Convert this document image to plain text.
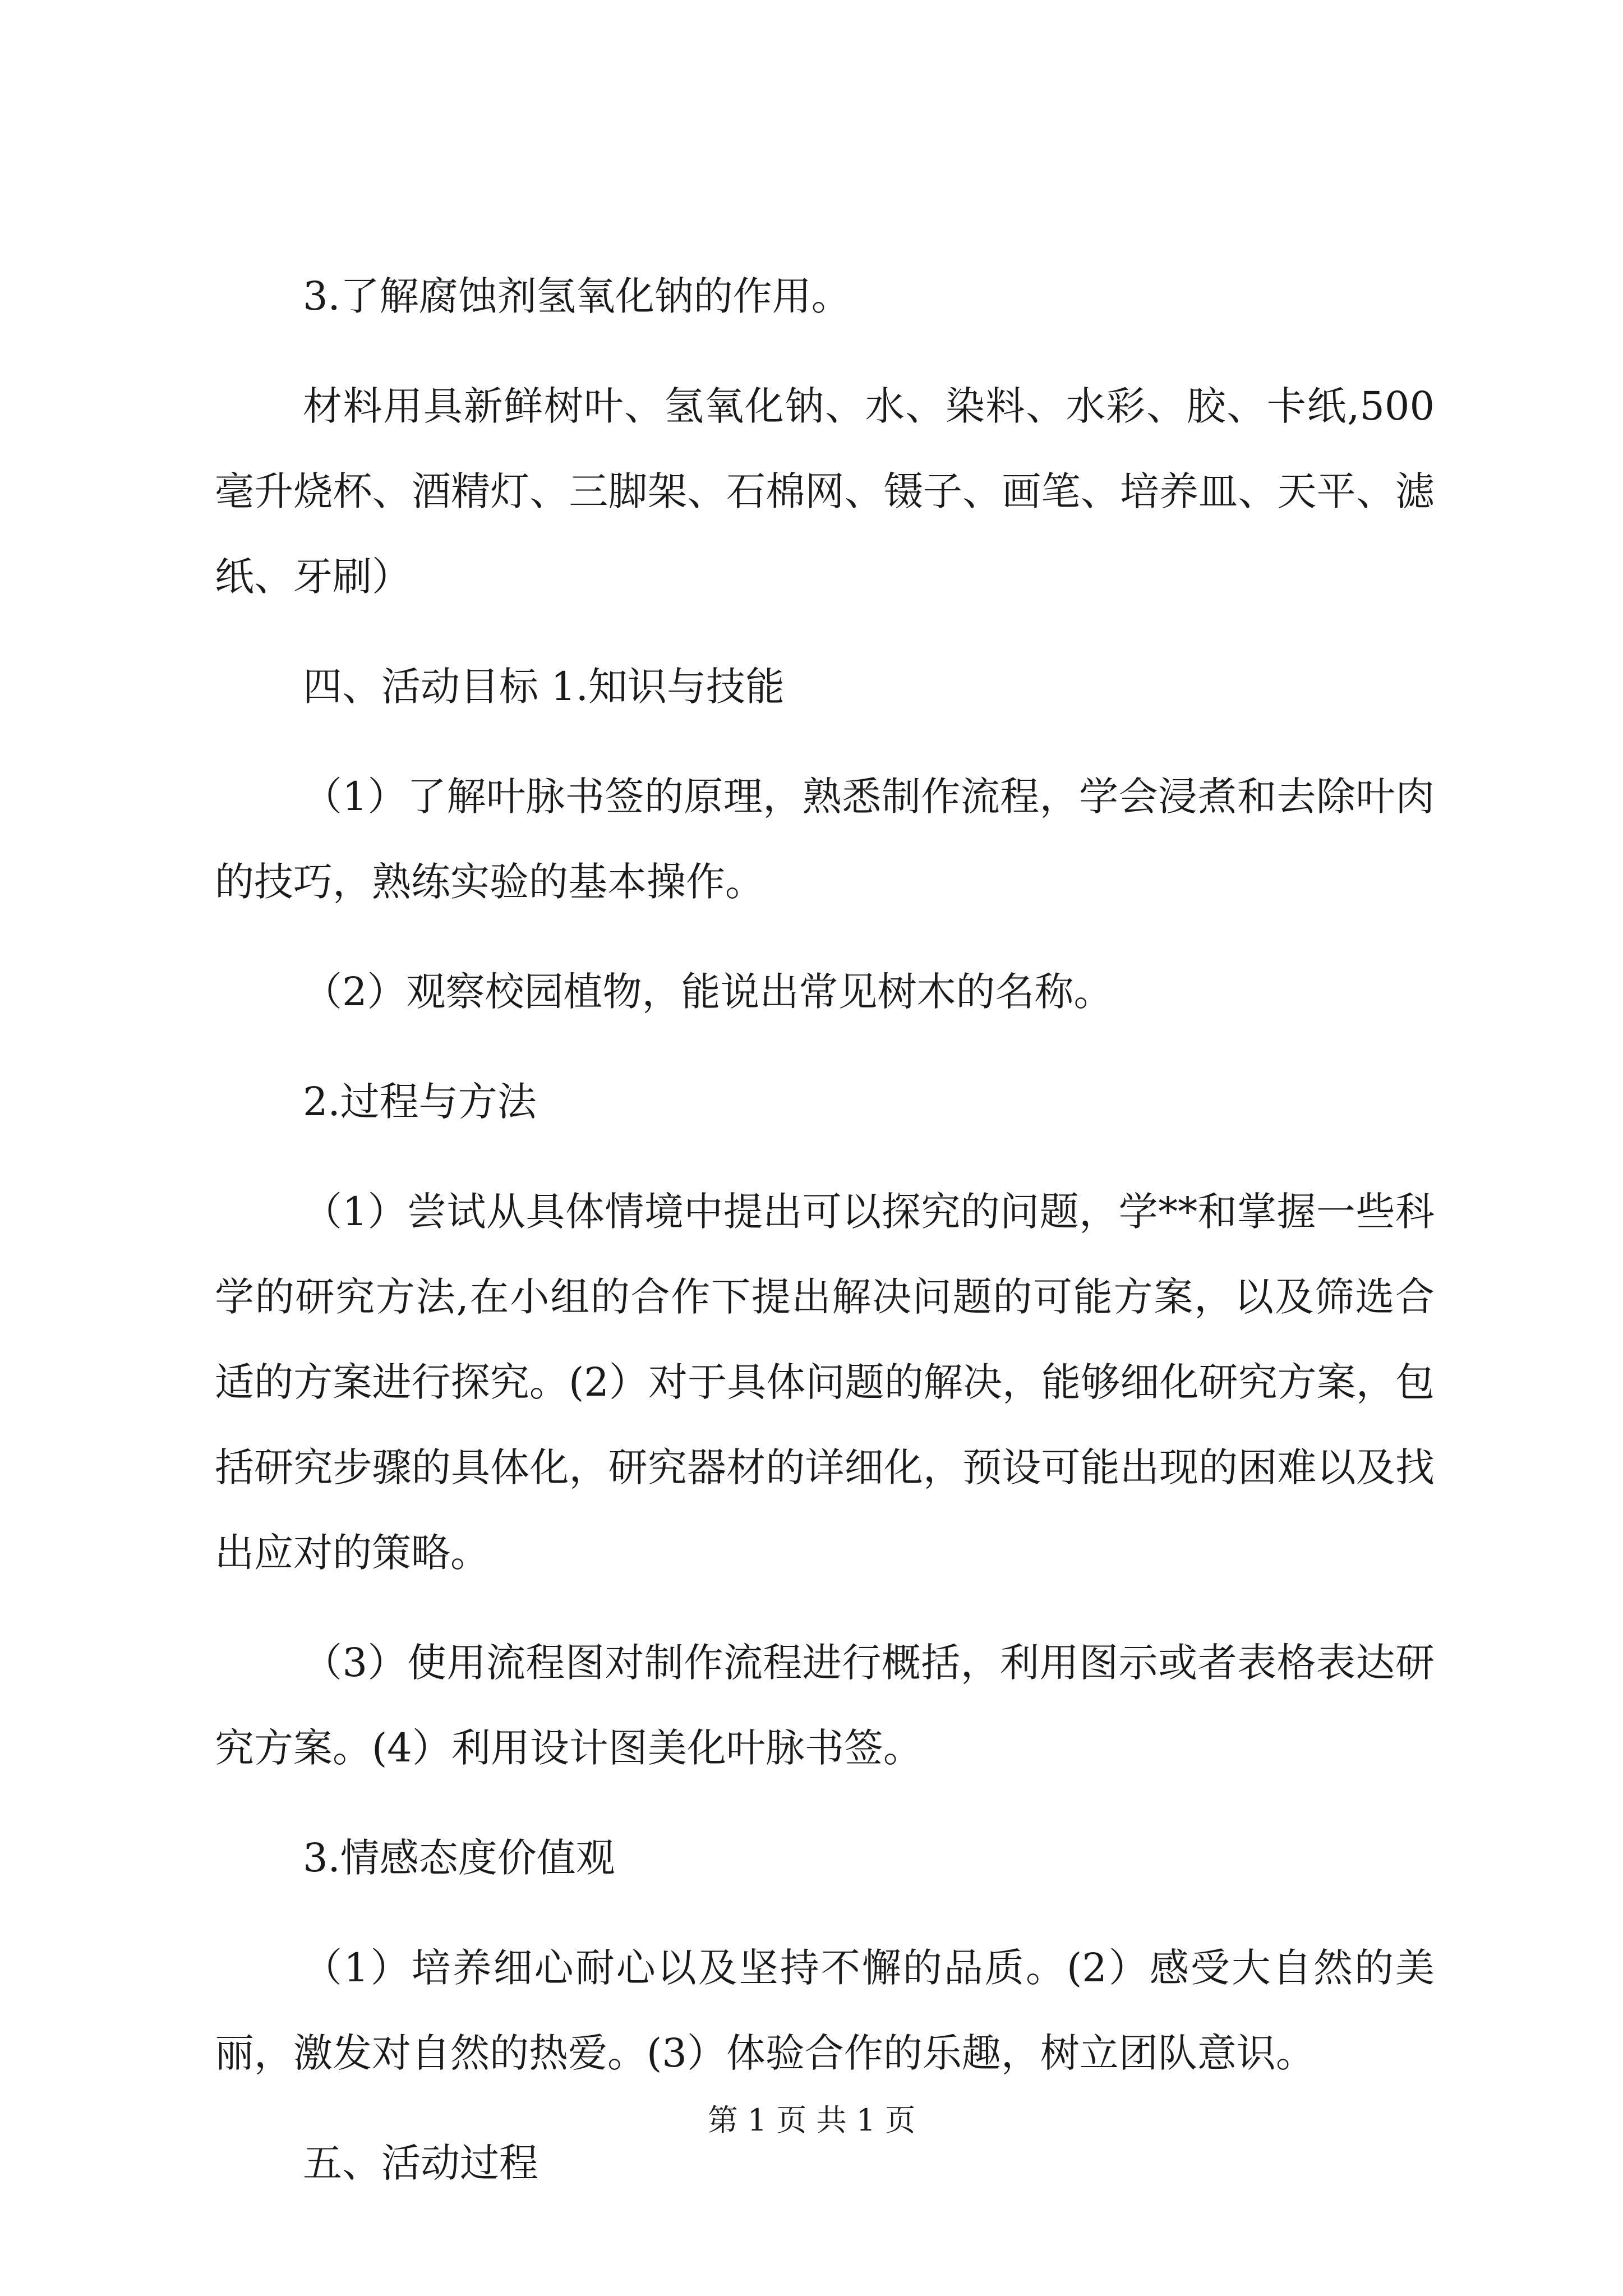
3.了解腐蚀剂氢氧化钠的作用。

材料用具新鲜树叶、氢氧化钠、水、染料、水彩、胶、卡纸,500毫升烧杯、酒精灯、三脚架、石棉网、镊子、画笔、培养皿、天平、滤纸、牙刷）

四、活动目标 1.知识与技能

（1）了解叶脉书签的原理，熟悉制作流程，学会浸煮和去除叶肉的技巧，熟练实验的基本操作。

（2）观察校园植物，能说出常见树木的名称。

2.过程与方法

（1）尝试从具体情境中提出可以探究的问题，学**和掌握一些科学的研究方法,在小组的合作下提出解决问题的可能方案，以及筛选合适的方案进行探究。(2）对于具体问题的解决，能够细化研究方案，包括研究步骤的具体化，研究器材的详细化，预设可能出现的困难以及找出应对的策略。

（3）使用流程图对制作流程进行概括，利用图示或者表格表达研究方案。(4）利用设计图美化叶脉书签。

3.情感态度价值观

（1）培养细心耐心以及坚持不懈的品质。(2）感受大自然的美丽，激发对自然的热爱。(3）体验合作的乐趣，树立团队意识。

五、活动过程

第 1 页 共 1 页
